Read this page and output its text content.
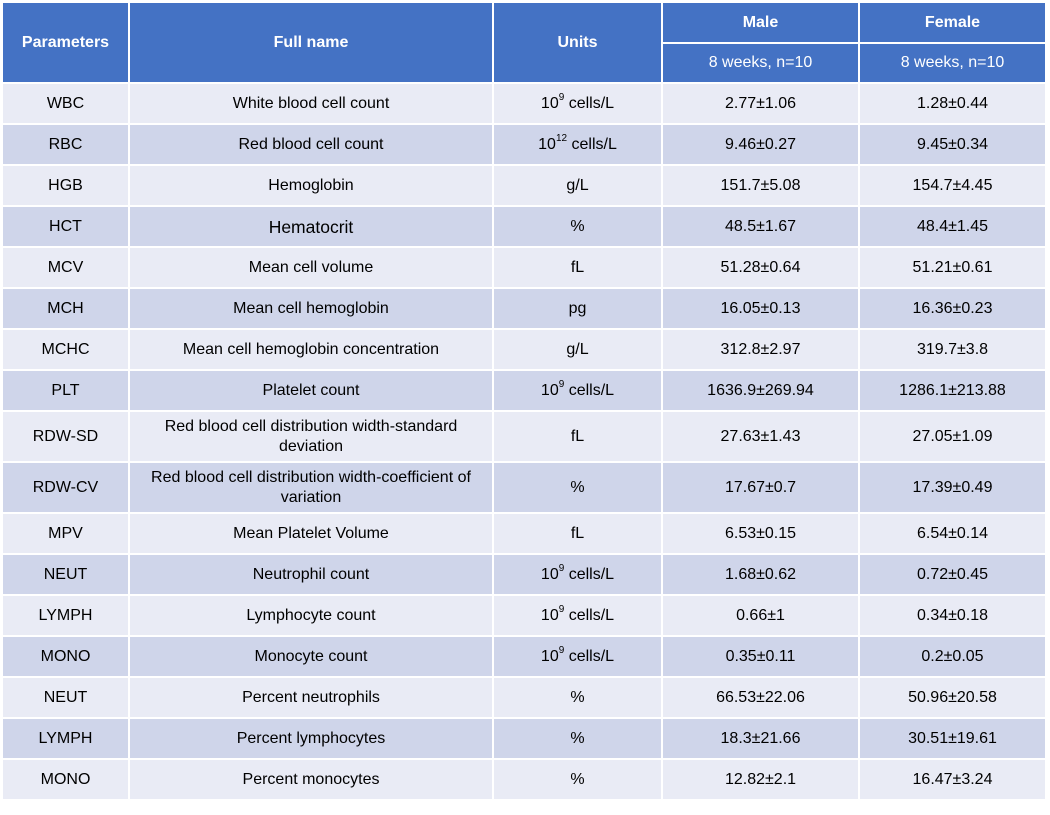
Parameters	Full name	Units	Male	Female
			8 weeks, n=10	8 weeks, n=10
WBC	White blood cell count	$10^9$ cells/L	2.77±1.06	1.28±0.44
RBC	Red blood cell count	$10^{12}$ cells/L	9.46±0.27	9.45±0.34
HGB	Hemoglobin	g/L	151.7±5.08	154.7±4.45
HCT	Hematocrit	%	48.5±1.67	48.4±1.45
MCV	Mean cell volume	fL	51.28±0.64	51.21±0.61
MCH	Mean cell hemoglobin	pg	16.05±0.13	16.36±0.23
MCHC	Mean cell hemoglobin concentration	g/L	312.8±2.97	319.7±3.8
PLT	Platelet count	$10^9$ cells/L	1636.9±269.94	1286.1±213.88
RDW-SD	Red blood cell distribution width-standard deviation	fL	27.63±1.43	27.05±1.09
RDW-CV	Red blood cell distribution width-coefficient of variation	%	17.67±0.7	17.39±0.49
MPV	Mean Platelet Volume	fL	6.53±0.15	6.54±0.14
NEUT	Neutrophil count	$10^9$ cells/L	1.68±0.62	0.72±0.45
LYMPH	Lymphocyte count	$10^9$ cells/L	0.66±1	0.34±0.18
MONO	Monocyte count	$10^9$ cells/L	0.35±0.11	0.2±0.05
NEUT	Percent neutrophils	%	66.53±22.06	50.96±20.58
LYMPH	Percent lymphocytes	%	18.3±21.66	30.51±19.61
MONO	Percent monocytes	%	12.82±2.1	16.47±3.24
